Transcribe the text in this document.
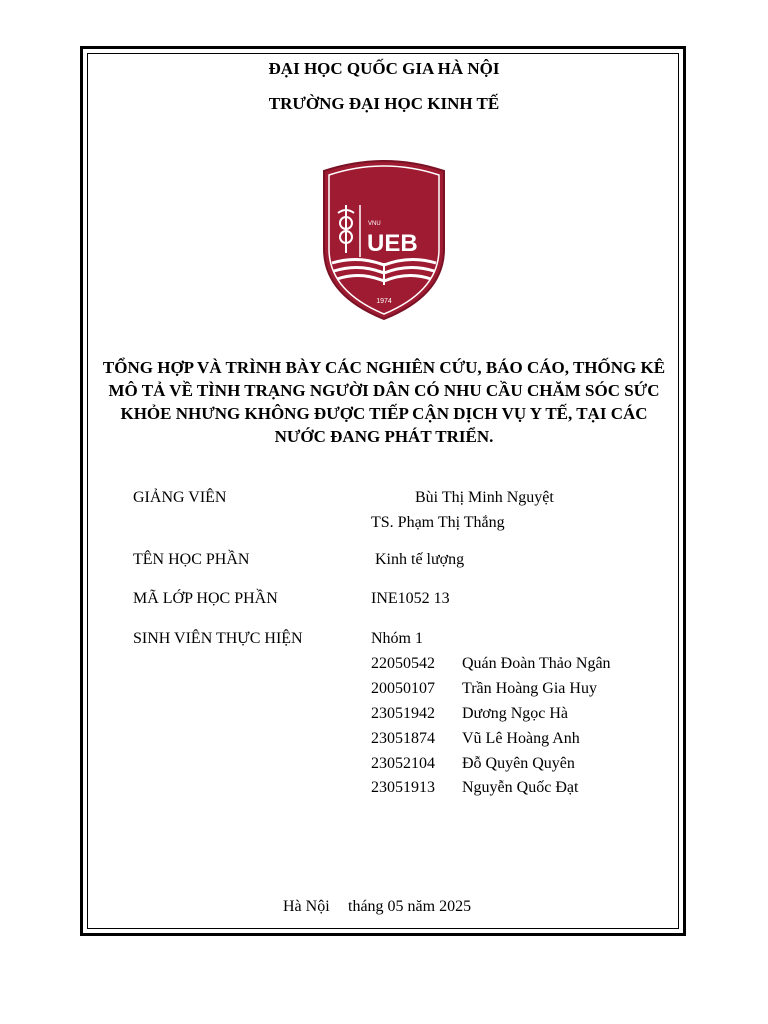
ĐẠI HỌC QUỐC GIA HÀ NỘI
TRƯỜNG ĐẠI HỌC KINH TẾ
VNU
UEB
1974
TỔNG HỢP VÀ TRÌNH BÀY CÁC NGHIÊN CỨU, BÁO CÁO, THỐNG KÊ
MÔ TẢ VỀ TÌNH TRẠNG NGƯỜI DÂN CÓ NHU CẦU CHĂM SÓC SỨC
KHỎE NHƯNG KHÔNG ĐƯỢC TIẾP CẬN DỊCH VỤ Y TẾ, TẠI CÁC
NƯỚC ĐANG PHÁT TRIỂN.
GIẢNG VIÊN	Bùi Thị Minh Nguyệt
TS. Phạm Thị Thắng
TÊN HỌC PHẦN	Kinh tế lượng
MÃ LỚP HỌC PHẦN	INE1052 13
SINH VIÊN THỰC HIỆN	Nhóm 1
22050542 Quán Đoàn Thảo Ngân
20050107 Trần Hoàng Gia Huy
23051942 Dương Ngọc Hà
23051874 Vũ Lê Hoàng Anh
23052104 Đỗ Quyên Quyên
23051913 Nguyễn Quốc Đạt
Hà Nội tháng 05 năm 2025
